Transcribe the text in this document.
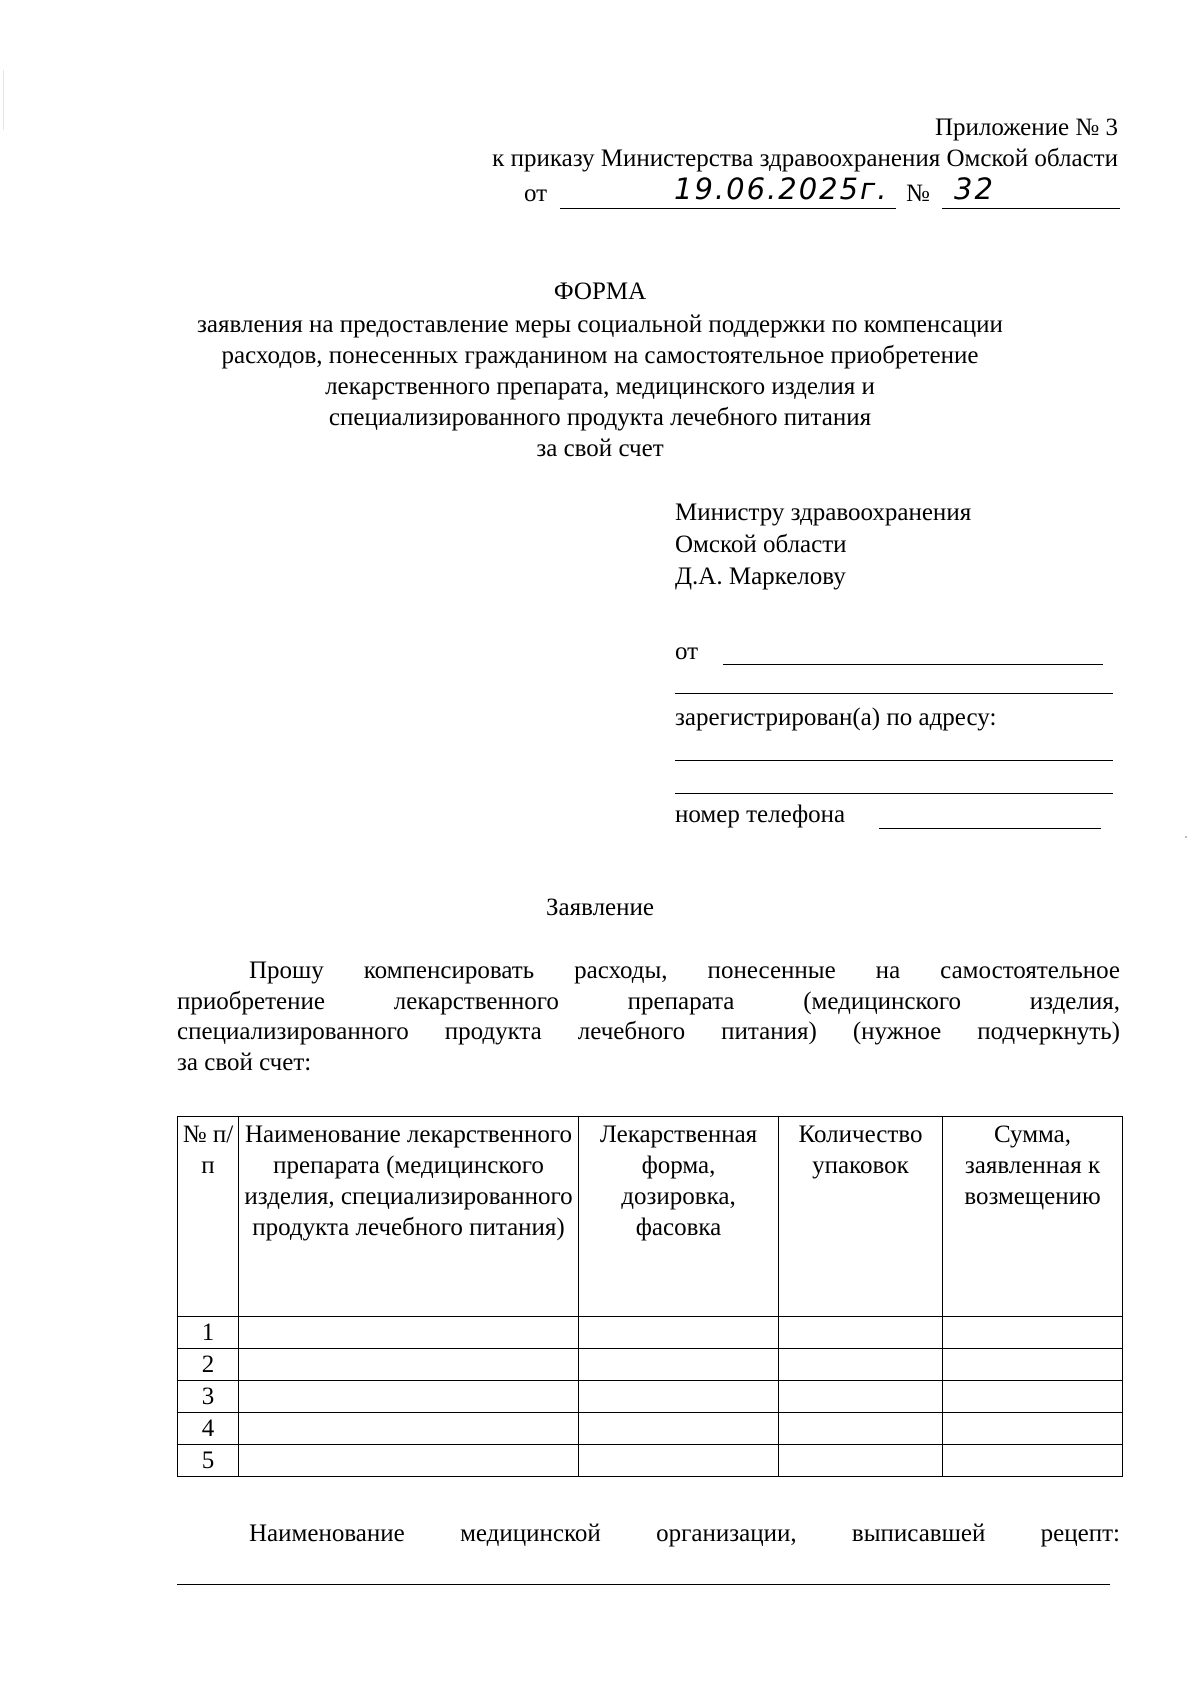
Приложение № 3
к приказу Министерства здравоохранения Омской области
от	19.06.2025г. № 32
ФОРМА
заявления на предоставление меры социальной поддержки по компенсации
расходов, понесенных гражданином на самостоятельное приобретение
лекарственного препарата, медицинского изделия и
специализированного продукта лечебного питания
за свой счет
Министру здравоохранения
Омской области
Д.А. Маркелову
от
зарегистрирован(а) по адресу:
номер телефона
Заявление
Прошу компенсировать расходы, понесенные на самостоятельное
приобретение лекарственного препарата (медицинского изделия,
специализированного продукта лечебного питания) (нужное подчеркнуть)
за свой счет:
№ п/п	Наименование лекарственного препарата (медицинского изделия, специализированного продукта лечебного питания)	Лекарственная форма, дозировка, фасовка	Количество упаковок	Сумма, заявленная к возмещению
1				
2				
3				
4				
5				
Наименование медицинской организации, выписавшей рецепт:
